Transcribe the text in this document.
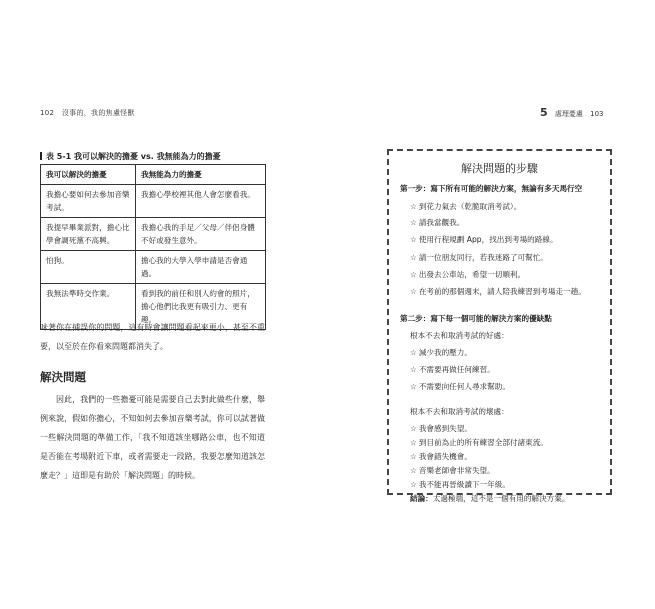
102 沒事的，我的焦慮怪獸	5 處理憂慮 103
表 5-1 我可以解決的擔憂 vs. 我無能為力的擔憂
我可以解決的擔憂	我無能為力的擔憂
我擔心要如何去參加音樂考試。	我擔心學校裡其他人會怎麼看我。
我提早畢業派對，擔心比學會調死黨不高興。	我擔心我的手足／父母／伴侶身體不好或發生意外。
怕狗。	擔心我的大學入學申請是否會通過。
我無法準時交作業。	看到我的前任和別人約會的照片，擔心他們比我更有吸引力、更有趣。
味著你在捕誤你的問題，這有時會讓問題看起來更小，甚至不重要，以至於在你看來問題都消失了。
解決問題
因此，我們的一些擔憂可能是需要自己去對此做些什麼，舉例來說，假如你擔心，不知如何去參加音樂考試，你可以試著做一些解決問題的準備工作，「我不知道該坐哪路公車，也不知道是否能在考場附近下車，或者需要走一段路，我要怎麼知道該怎麼走？」這即是有助於「解決問題」的時候。
解決問題的步驟
第一步：寫下所有可能的解決方案，無論有多天馬行空
☆ 到花力氣去（乾脆取消考試）。
☆ 請我當觀我。
☆ 使用行程規劃 App，找出到考場的路線。
☆ 請一位朋友同行，若我迷路了可幫忙。
☆ 出發去公車站，希望一切順利。
☆ 在考前的那個週末，請人陪我練習到考場走一趟。
第二步：寫下每一個可能的解決方案的優缺點
根本不去和取消考試的好處：
☆ 減少我的壓力。
☆ 不需要再做任何練習。
☆ 不需要向任何人尋求幫助。
根本不去和取消考試的壞處：
☆ 我會感到失望。
☆ 到目前為止的所有練習全部付諸東流。
☆ 我會錯失機會。
☆ 音樂老師會非常失望。
☆ 我不能再晉級讀下一年級。
結論：太過極端，這不是一個有用的解決方案。
